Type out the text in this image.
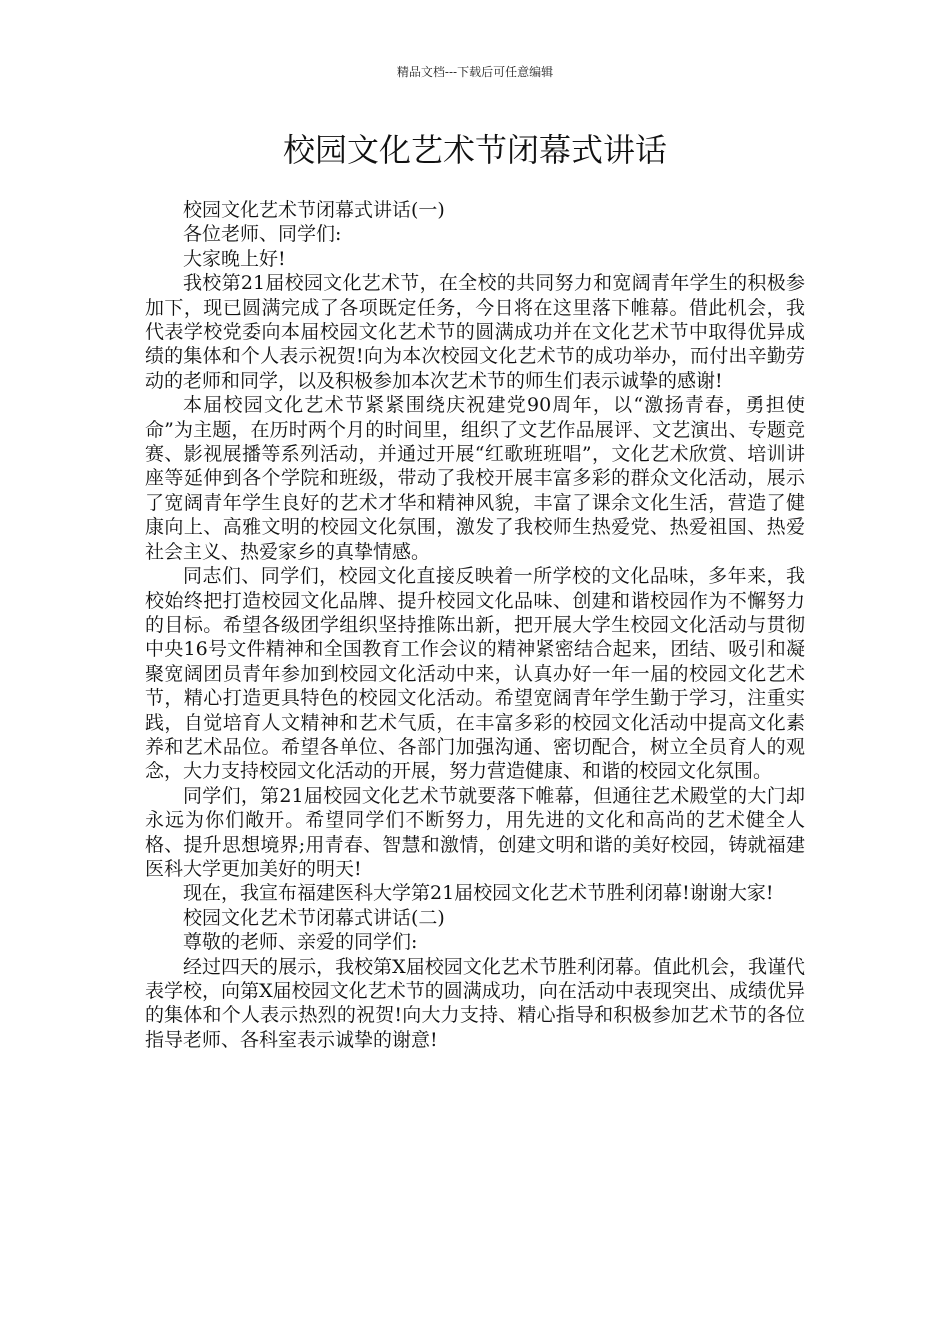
精品文档---下载后可任意编辑
校园文化艺术节闭幕式讲话

校园文化艺术节闭幕式讲话(一)

各位老师、同学们:

大家晚上好!

我校第21届校园文化艺术节，在全校的共同努力和宽阔青年学生的积极参加下，现已圆满完成了各项既定任务，今日将在这里落下帷幕。借此机会，我代表学校党委向本届校园文化艺术节的圆满成功并在文化艺术节中取得优异成绩的集体和个人表示祝贺!向为本次校园文化艺术节的成功举办，而付出辛勤劳动的老师和同学，以及积极参加本次艺术节的师生们表示诚挚的感谢!

本届校园文化艺术节紧紧围绕庆祝建党90周年，以“激扬青春，勇担使命”为主题，在历时两个月的时间里，组织了文艺作品展评、文艺演出、专题竞赛、影视展播等系列活动，并通过开展“红歌班班唱”，文化艺术欣赏、培训讲座等延伸到各个学院和班级，带动了我校开展丰富多彩的群众文化活动，展示了宽阔青年学生良好的艺术才华和精神风貌，丰富了课余文化生活，营造了健康向上、高雅文明的校园文化氛围，激发了我校师生热爱党、热爱祖国、热爱社会主义、热爱家乡的真挚情感。

同志们、同学们，校园文化直接反映着一所学校的文化品味，多年来，我校始终把打造校园文化品牌、提升校园文化品味、创建和谐校园作为不懈努力的目标。希望各级团学组织坚持推陈出新，把开展大学生校园文化活动与贯彻中央16号文件精神和全国教育工作会议的精神紧密结合起来，团结、吸引和凝聚宽阔团员青年参加到校园文化活动中来，认真办好一年一届的校园文化艺术节，精心打造更具特色的校园文化活动。希望宽阔青年学生勤于学习，注重实践，自觉培育人文精神和艺术气质，在丰富多彩的校园文化活动中提高文化素养和艺术品位。希望各单位、各部门加强沟通、密切配合，树立全员育人的观念，大力支持校园文化活动的开展，努力营造健康、和谐的校园文化氛围。

同学们，第21届校园文化艺术节就要落下帷幕，但通往艺术殿堂的大门却永远为你们敞开。希望同学们不断努力，用先进的文化和高尚的艺术健全人格、提升思想境界;用青春、智慧和激情，创建文明和谐的美好校园，铸就福建医科大学更加美好的明天!

现在，我宣布福建医科大学第21届校园文化艺术节胜利闭幕!谢谢大家!

校园文化艺术节闭幕式讲话(二)

尊敬的老师、亲爱的同学们:

经过四天的展示，我校第X届校园文化艺术节胜利闭幕。值此机会，我谨代表学校，向第X届校园文化艺术节的圆满成功，向在活动中表现突出、成绩优异的集体和个人表示热烈的祝贺!向大力支持、精心指导和积极参加艺术节的各位指导老师、各科室表示诚挚的谢意!
